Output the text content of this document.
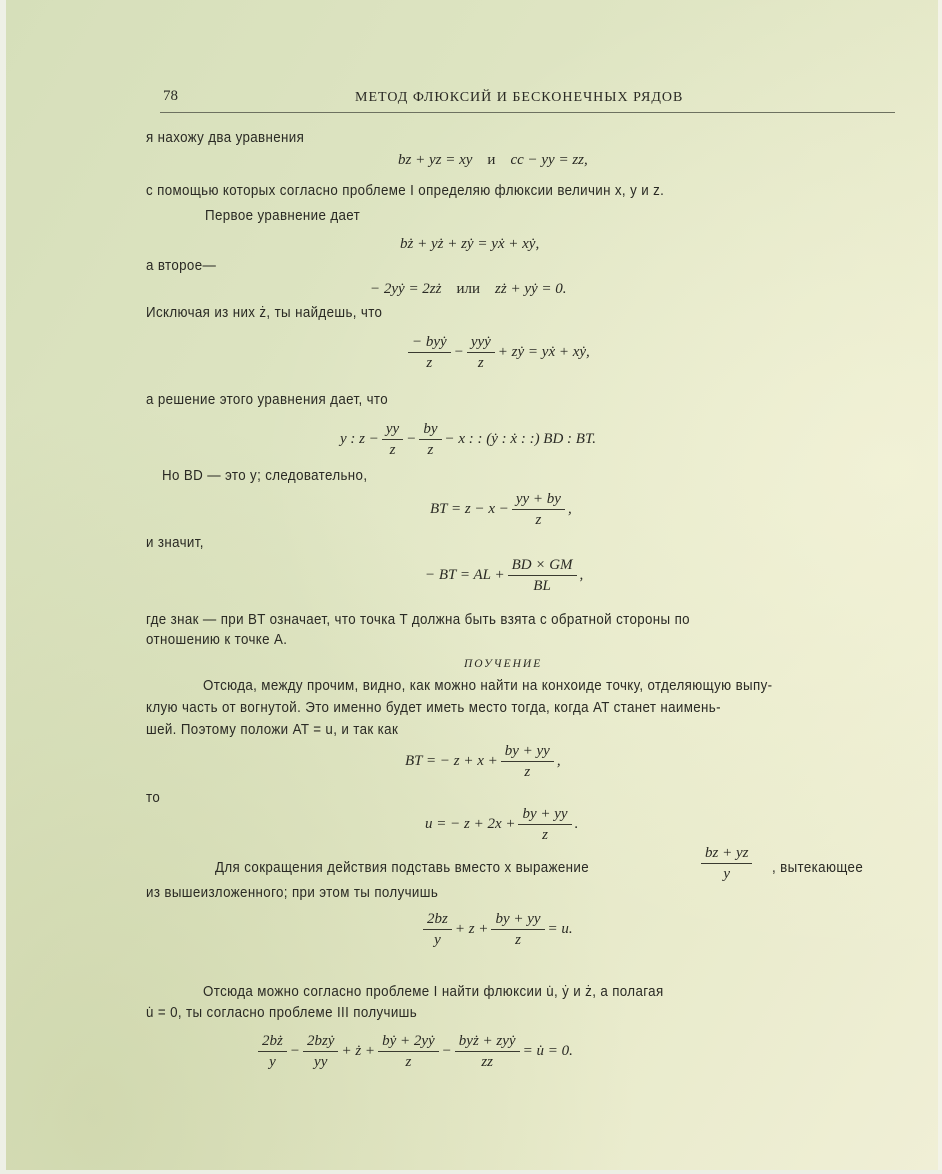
78	МЕТОД ФЛЮКСИЙ И БЕСКОНЕЧНЫХ РЯДОВ
я нахожу два уравнения
bz + yz = xy и cc − yy = zz,
с помощью которых согласно проблеме I определяю флюксии величин x, y и z.
Первое уравнение дает
bż + yż + zẏ = yẋ + xẏ,
а второе—
− 2yẏ = 2zż или zż + yẏ = 0.
Исключая из них ż, ты найдешь, что
$\frac{\text{− byẏ}}{z} - \frac{\text{yyẏ}}{z}$ + zẏ = yẋ + xẏ,
а решение этого уравнения дает, что
y : $z - \frac{yy}{z} - \frac{by}{z} - x$ : : (ẏ : ẋ : :) BD : BT.
Но BD — это y; следовательно,
BT = $z - x - \frac{yy + by}{z}$ ,
и значит,
− BT = AL + $\frac{BD \times GM}{BL}$ ,
где знак — при BT означает, что точка T должна быть взята с обратной стороны по
отношению к точке A.
ПОУЧЕНИЕ
Отсюда, между прочим, видно, как можно найти на конхоиде точку, отделяющую выпу-
клую часть от вогнутой. Это именно будет иметь место тогда, когда AT станет наимень-
шей. Поэтому положи AT = u, и так как
BT = − $z + x + \frac{by + yy}{z}$ ,
то
u = − $z + 2x + \frac{by + yy}{z}$ .
Для сокращения действия подставь вместо x выражение	$\frac{bz + yz}{y}$ , вытекающее
из вышеизложенного; при этом ты получишь
$\frac{2bz}{y} + z + \frac{by + yy}{z} = u$.
Отсюда можно согласно проблеме I найти флюксии u̇, ẏ и ż, а полагая
u̇ = 0, ты согласно проблеме III получишь
$\frac{2bż}{y} - \frac{\text{2bzẏ}}{yy}$ + ż + $\frac{\text{bẏ + 2yẏ}}{z} - \frac{\text{byż + zyẏ}}{zz}$ = u̇ = 0.
